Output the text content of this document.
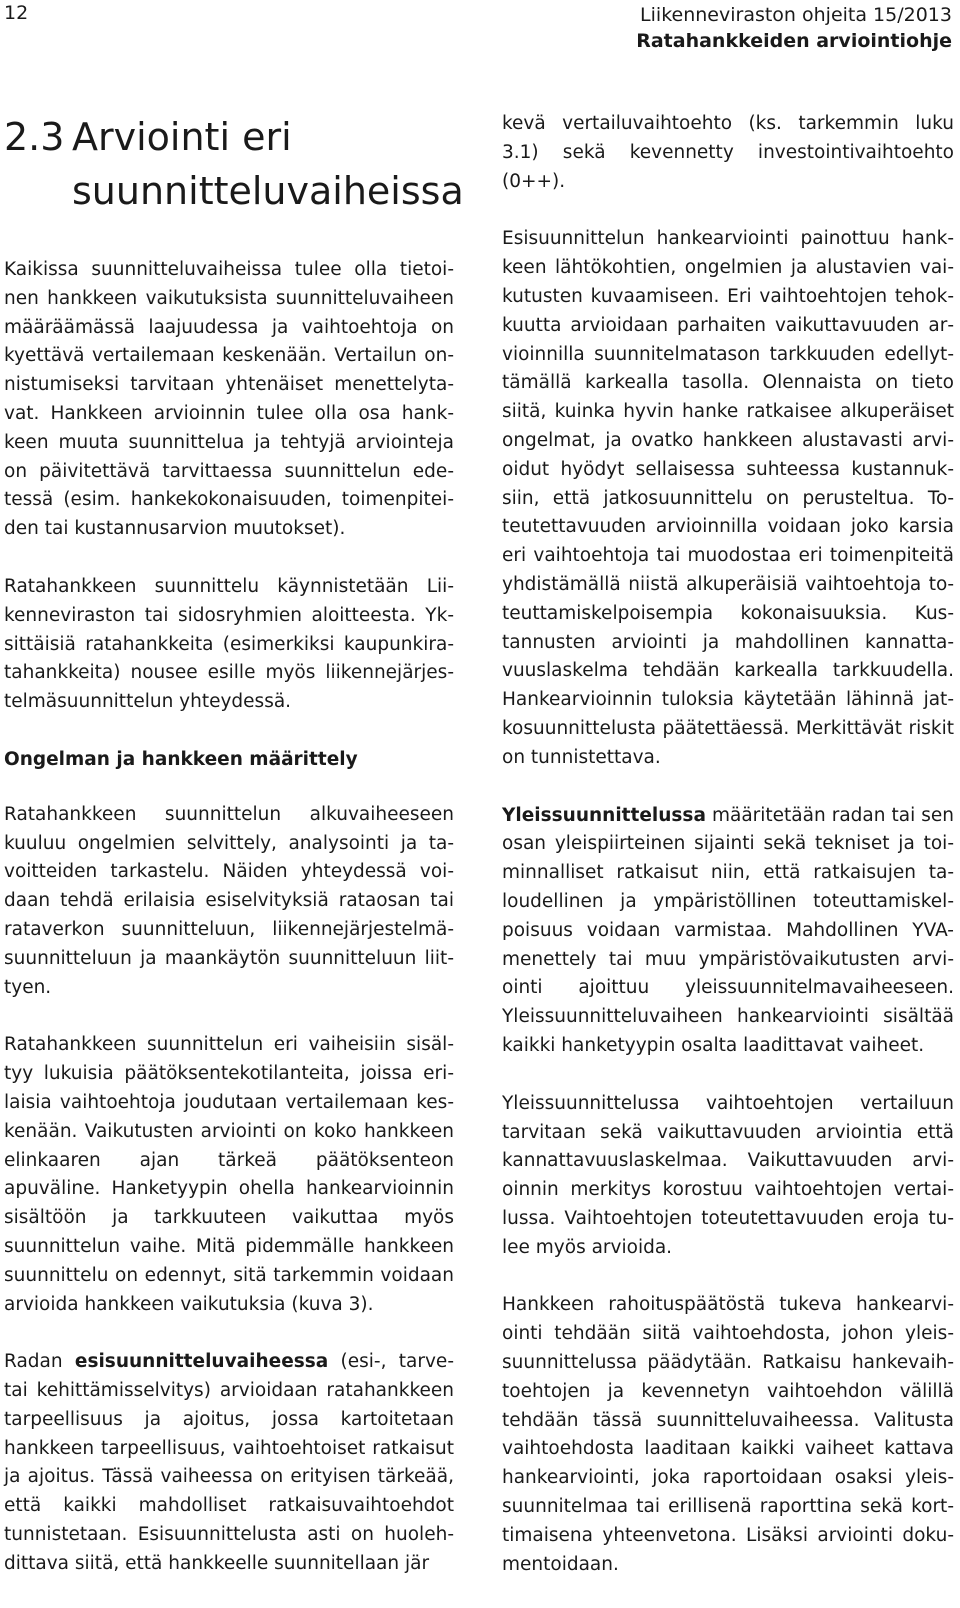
12	Liikenneviraston ohjeita 15/2013
Ratahankkeiden arviointiohje
2.3 Arviointi eri
suunnitteluvaiheissa

Kaikissa suunnitteluvaiheissa tulee olla tietoinen hankkeen vaikutuksista suunnitteluvaiheen määräämässä laajuudessa ja vaihtoehtoja on kyettävä vertailemaan keskenään. Vertailun onnistumiseksi tarvitaan yhtenäiset menettelytavat. Hankkeen arvioinnin tulee olla osa hankkeen muuta suunnittelua ja tehtyjä arviointeja on päivitettävä tarvittaessa suunnittelun edetessä (esim. hankekokonaisuuden, toimenpiteiden tai kustannusarvion muutokset).

Ratahankkeen suunnittelu käynnistetään Liikenneviraston tai sidosryhmien aloitteesta. Yksittäisiä ratahankkeita (esimerkiksi kaupunkiratahankkeita) nousee esille myös liikennejärjestelmäsuunnittelun yhteydessä.

Ongelman ja hankkeen määrittely

Ratahankkeen suunnittelun alkuvaiheeseen kuuluu ongelmien selvittely, analysointi ja tavoitteiden tarkastelu. Näiden yhteydessä voidaan tehdä erilaisia esiselvityksiä rataosan tai rataverkon suunnitteluun, liikennejärjestelmäsuunnitteluun ja maankäytön suunnitteluun liittyen.

Ratahankkeen suunnittelun eri vaiheisiin sisältyy lukuisia päätöksentekotilanteita, joissa erilaisia vaihtoehtoja joudutaan vertailemaan keskenään. Vaikutusten arviointi on koko hankkeen elinkaaren ajan tärkeä päätöksenteon apuväline. Hanketyypin ohella hankearvioinnin sisältöön ja tarkkuuteen vaikuttaa myös suunnittelun vaihe. Mitä pidemmälle hankkeen suunnittelu on edennyt, sitä tarkemmin voidaan arvioida hankkeen vaikutuksia (kuva 3).

Radan esisuunnitteluvaiheessa (esi-, tarve- tai kehittämisselvitys) arvioidaan ratahankkeen tarpeellisuus ja ajoitus, jossa kartoitetaan hankkeen tarpeellisuus, vaihtoehtoiset ratkaisut ja ajoitus. Tässä vaiheessa on erityisen tärkeää, että kaikki mahdolliset ratkaisuvaihtoehdot tunnistetaan. Esisuunnittelusta asti on huolehdittava siitä, että hankkeelle suunnitellaan jär

kevä vertailuvaihtoehto (ks. tarkemmin luku 3.1) sekä kevennetty investointivaihtoehto (0++).

Esisuunnittelun hankearviointi painottuu hankkeen lähtökohtien, ongelmien ja alustavien vaikutusten kuvaamiseen. Eri vaihtoehtojen tehokkuutta arvioidaan parhaiten vaikuttavuuden arvioinnilla suunnitelmatason tarkkuuden edellyttämällä karkealla tasolla. Olennaista on tieto siitä, kuinka hyvin hanke ratkaisee alkuperäiset ongelmat, ja ovatko hankkeen alustavasti arvioidut hyödyt sellaisessa suhteessa kustannuksiin, että jatkosuunnittelu on perusteltua. Toteutettavuuden arvioinnilla voidaan joko karsia eri vaihtoehtoja tai muodostaa eri toimenpiteitä yhdistämällä niistä alkuperäisiä vaihtoehtoja toteuttamiskelpoisempia kokonaisuuksia. Kustannusten arviointi ja mahdollinen kannattavuuslaskelma tehdään karkealla tarkkuudella. Hankearvioinnin tuloksia käytetään lähinnä jatkosuunnittelusta päätettäessä. Merkittävät riskit on tunnistettava.

Yleissuunnittelussa määritetään radan tai sen osan yleispiirteinen sijainti sekä tekniset ja toiminnalliset ratkaisut niin, että ratkaisujen taloudellinen ja ympäristöllinen toteuttamiskelpoisuus voidaan varmistaa. Mahdollinen YVA-menettely tai muu ympäristövaikutusten arviointi ajoittuu yleissuunnitelmavaiheeseen. Yleissuunnitteluvaiheen hankearviointi sisältää kaikki hanketyypin osalta laadittavat vaiheet.

Yleissuunnittelussa vaihtoehtojen vertailuun tarvitaan sekä vaikuttavuuden arviointia että kannattavuuslaskelmaa. Vaikuttavuuden arvioinnin merkitys korostuu vaihtoehtojen vertailussa. Vaihtoehtojen toteutettavuuden eroja tulee myös arvioida.

Hankkeen rahoituspäätöstä tukeva hankearviointi tehdään siitä vaihtoehdosta, johon yleissuunnittelussa päädytään. Ratkaisu hankevaihtoehtojen ja kevennetyn vaihtoehdon välillä tehdään tässä suunnitteluvaiheessa. Valitusta vaihtoehdosta laaditaan kaikki vaiheet kattava hankearviointi, joka raportoidaan osaksi yleissuunnitelmaa tai erillisenä raporttina sekä korttimaisena yhteenvetona. Lisäksi arviointi dokumentoidaan.
